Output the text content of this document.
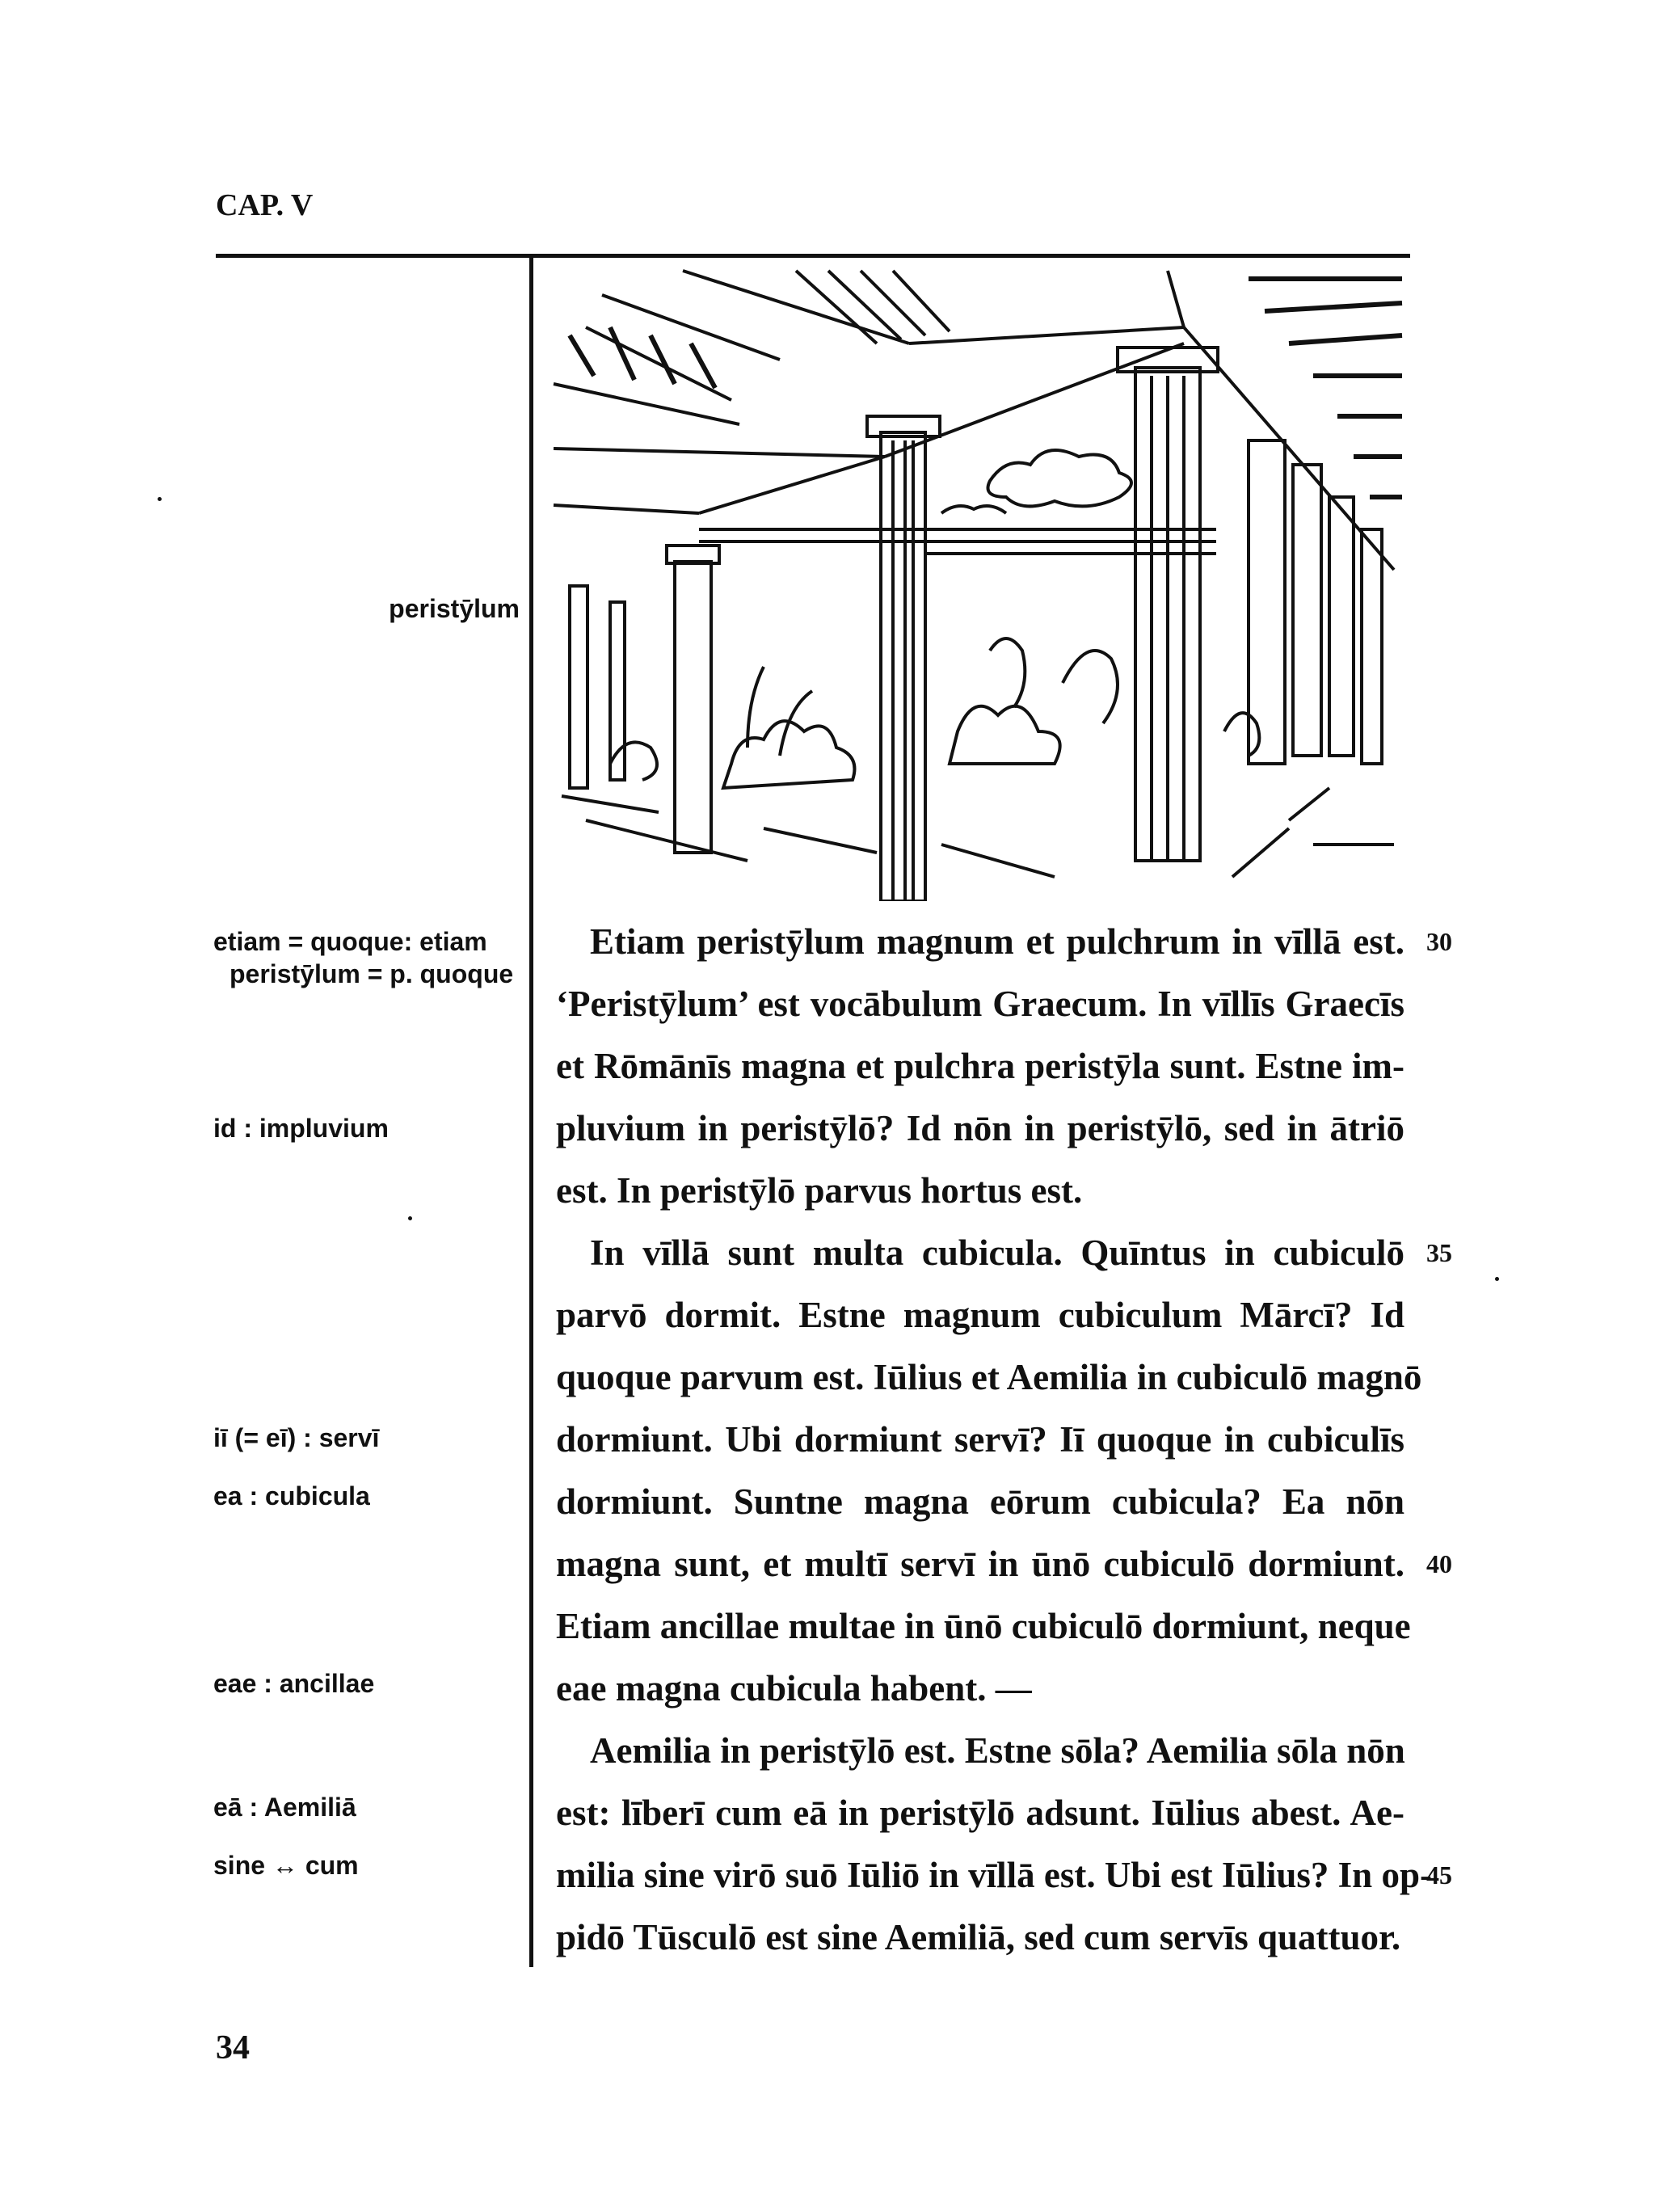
CAP. V
peristȳlum
etiam = quoque: etiam
peristȳlum = p. quoque
id : impluvium
iī (= eī) : servī
ea : cubicula
eae : ancillae
eā : Aemiliā
sine ↔ cum
Etiam peristȳlum magnum et pulchrum in vīllā est.
‘Peristȳlum’ est vocābulum Graecum. In vīllīs Graecīs
et Rōmānīs magna et pulchra peristȳla sunt. Estne im-
pluvium in peristȳlō? Id nōn in peristȳlō, sed in ātriō
est. In peristȳlō parvus hortus est.
In vīllā sunt multa cubicula. Quīntus in cubiculō
parvō dormit. Estne magnum cubiculum Mārcī? Id
quoque parvum est. Iūlius et Aemilia in cubiculō magnō
dormiunt. Ubi dormiunt servī? Iī quoque in cubiculīs
dormiunt. Suntne magna eōrum cubicula? Ea nōn
magna sunt, et multī servī in ūnō cubiculō dormiunt.
Etiam ancillae multae in ūnō cubiculō dormiunt, neque
eae magna cubicula habent. —
Aemilia in peristȳlō est. Estne sōla? Aemilia sōla nōn
est: līberī cum eā in peristȳlō adsunt. Iūlius abest. Ae-
milia sine virō suō Iūliō in vīllā est. Ubi est Iūlius? In op-
pidō Tūsculō est sine Aemiliā, sed cum servīs quattuor.
30
35
40
45
34
